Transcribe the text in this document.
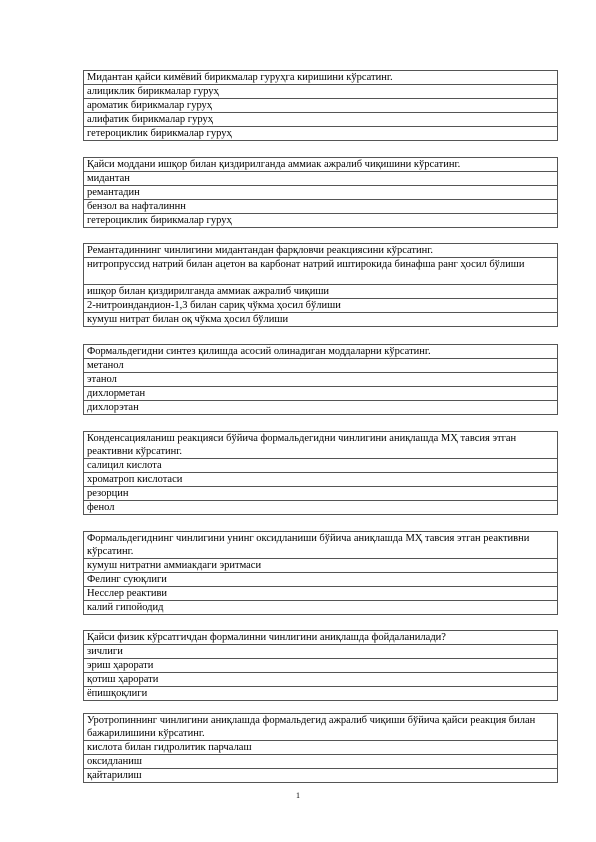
Мидантан қайси кимёвий бирикмалар гуруҳга киришини кўрсатинг.
алициклик бирикмалар гуруҳ
ароматик бирикмалар гуруҳ
алифатик бирикмалар гуруҳ
гетероциклик бирикмалар гуруҳ
Қайси моддани ишқор билан қиздирилганда аммиак ажралиб чиқишини кўрсатинг.
мидантан
ремантадин
бензол ва нафталиннн
гетероциклик бирикмалар гуруҳ
Ремантадиннинг чинлигини мидантандан фарқловчи реакциясини кўрсатинг.
нитропруссид натрий билан ацетон ва карбонат натрий иштирокида бинафша ранг ҳосил бўлиши
ишқор билан қиздирилганда аммиак ажралиб чиқиши
2-нитроиндандион-1,3 билан сариқ чўкма ҳосил бўлиши
кумуш нитрат билан оқ чўкма ҳосил бўлиши
Формальдегидни синтез қилишда асосий олинадиган моддаларни кўрсатинг.
метанол
этанол
дихлорметан
дихлорэтан
Конденсацияланиш реакцияси бўйича формальдегидни чинлигини аниқлашда МҲ тавсия этган реактивни кўрсатинг.
салицил кислота
хроматроп кислотаси
резорцин
фенол
Формальдегиднинг чинлигини унинг оксидланиши бўйича аниқлашда МҲ тавсия этган реактивни кўрсатинг.
кумуш нитратни аммиакдаги эритмаси
Фелинг суюқлиги
Несслер реактиви
калий гипойодид
Қайси физик кўрсатгичдан формалинни чинлигини аниқлашда фойдаланилади?
зичлиги
эриш ҳарорати
қотиш ҳарорати
ёпишқоқлиги
Уротропиннинг чинлигини аниқлашда формальдегид ажралиб чиқиши бўйича қайси реакция билан бажарилишини кўрсатинг.
кислота билан гидролитик парчалаш
оксидланиш
қайтарилиш
1
